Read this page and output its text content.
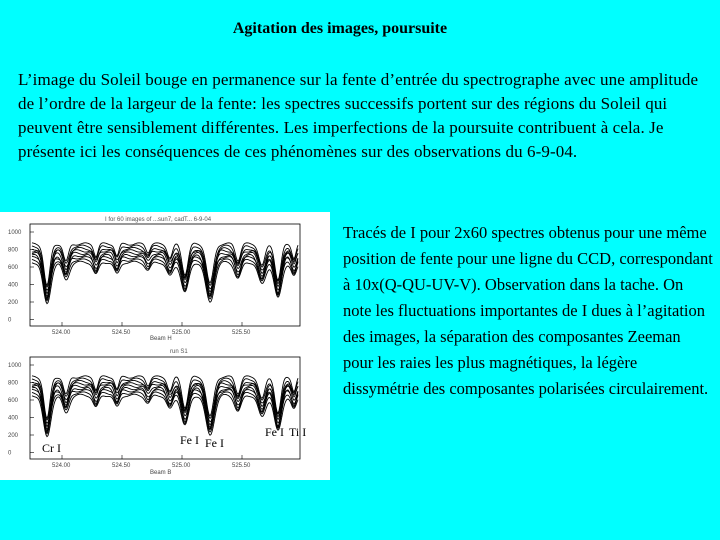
Agitation des images, poursuite
L’image du Soleil bouge en permanence sur la fente d’entrée du spectrographe avec une amplitude de l’ordre de la largeur de la fente: les spectres successifs portent sur des régions du Soleil qui peuvent être sensiblement différentes. Les imperfections de la poursuite contribuent à cela. Je présente ici les conséquences de ces phénomènes sur des observations du 6-9-04.
I for 60 images of ...sun7, cadT... 6-9-04
1000
800
600
400
200
0
524.00	524.50	525.00	525.50
Beam H
run S1
1000
800
600
400
200
0
524.00	524.50	525.00	525.50
Beam B
Cr I
Fe I Fe I
Fe I Ti I
Tracés de I pour 2x60 spectres obtenus pour une même position de fente pour une ligne du CCD, correspondant à 10x(Q-QU-UV-V). Observation dans la tache. On note les fluctuations importantes de I dues à l’agitation des images, la séparation des composantes Zeeman pour les raies les plus magnétiques, la légère dissymétrie des composantes polarisées circulairement.
